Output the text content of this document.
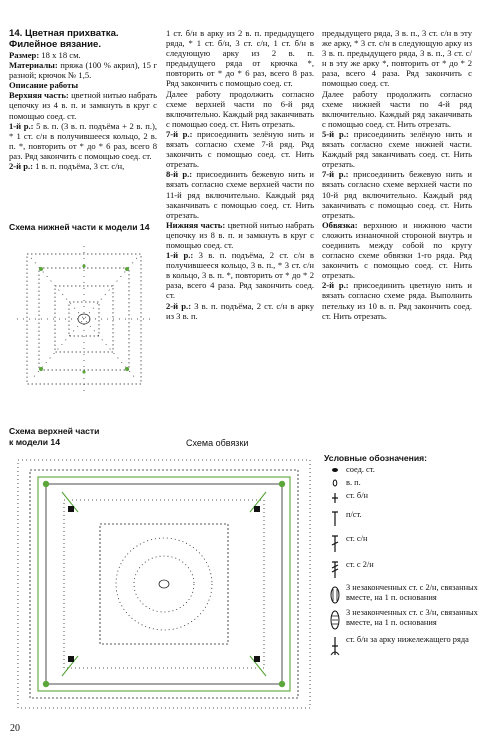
14. Цветная прихватка.

Филейное вязание.

Размер: 18 х 18 см.

Материалы: пряжа (100 % акрил), 15 г разной; крючок № 1,5.

Описание работы

Верхняя часть: цветной нитью набрать цепочку из 4 в. п. и замкнуть в круг с помощью соед. ст.

1-й р.: 5 в. п. (3 в. п. подъёма + 2 в. п.), * 1 ст. с/н в получившееся кольцо, 2 в. п. *, повторить от * до * 6 раз, всего 8 раз. Ряд закончить с помощью соед. ст.

2-й р.: 1 в. п. подъёма, 3 ст. с/н,

1 ст. б/н в арку из 2 в. п. предыдущего ряда, * 1 ст. б/н, 3 ст. с/н, 1 ст. б/н в следующую арку из 2 в. п. предыдущего ряда от крючка *, повторить от * до * 6 раз, всего 8 раз. Ряд закончить с помощью соед. ст.

Далее работу продолжить согласно схеме верхней части по 6-й ряд включительно. Каждый ряд заканчивать с помощью соед. ст. Нить отрезать.

7-й р.: присоединить зелёную нить и вязать согласно схеме 7-й ряд. Ряд закончить с помощью соед. ст. Нить отрезать.

8-й р.: присоединить бежевую нить и вязать согласно схеме верхней части по 11-й ряд включительно. Каждый ряд заканчивать с помощью соед. ст. Нить отрезать.

Нижняя часть: цветной нитью набрать цепочку из 8 в. п. и замкнуть в круг с помощью соед. ст.

1-й р.: 3 в. п. подъёма, 2 ст. с/н в получившееся кольцо, 3 в. п., * 3 ст. с/н в кольцо, 3 в. п. *, повторить от * до * 2 раза, всего 4 раза. Ряд закончить соед. ст.

2-й р.: 3 в. п. подъёма, 2 ст. с/н в арку из 3 в. п.

предыдущего ряда, 3 в. п., 3 ст. с/н в эту же арку, * 3 ст. с/н в следующую арку из 3 в. п. предыдущего ряда, 3 в. п., 3 ст. с/н в эту же арку *, повторить от * до * 2 раза, всего 4 раза. Ряд закончить с помощью соед. ст.

Далее работу продолжить согласно схеме нижней части по 4-й ряд включительно. Каждый ряд заканчивать с помощью соед. ст. Нить отрезать.

5-й р.: присоединить зелёную нить и вязать согласно схеме нижней части. Каждый ряд заканчивать соед. ст. Нить отрезать.

7-й р.: присоединить бежевую нить и вязать согласно схеме верхней части по 10-й ряд включительно. Каждый ряд заканчивать с помощью соед. ст. Нить отрезать.

Обвязка: верхнюю и нижнюю части сложить изнаночной стороной внутрь и соединить между собой по кругу согласно схеме обвязки 1-го ряда. Ряд закончить с помощью соед. ст. Нить отрезать.

2-й р.: присоединить цветную нить и вязать согласно схеме ряда. Выполнить петельку из 10 в. п. Ряд закончить соед. ст. Нить отрезать.

Схема нижней части к модели 14
Схема верхней части
к модели 14	Схема обвязки
Условные обозначения:
соед. ст.
в. п.
ст. б/н
п/ст.
ст. с/н
ст. с 2/н
3 незаконченных ст. с 2/н, связанных вместе, на 1 п. основания
3 незаконченных ст. с 3/н, связанных вместе, на 1 п. основания
ст. б/н за арку нижележащего ряда
20
